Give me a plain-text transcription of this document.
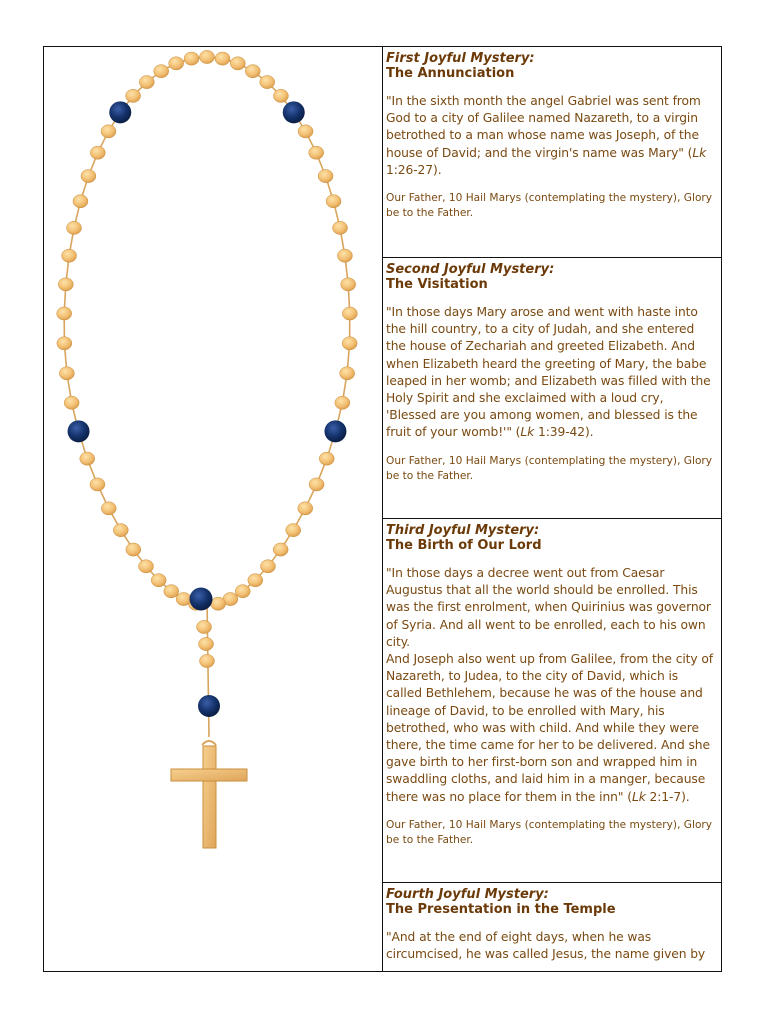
First Joyful Mystery:
The Annunciation
"In the sixth month the angel Gabriel was sent from God to a city of Galilee named Nazareth, to a virgin betrothed to a man whose name was Joseph, of the house of David; and the virgin's name was Mary" (Lk 1:26-27).
Our Father, 10 Hail Marys (contemplating the mystery), Glory be to the Father.
Second Joyful Mystery:
The Visitation
"In those days Mary arose and went with haste into the hill country, to a city of Judah, and she entered the house of Zechariah and greeted Elizabeth. And when Elizabeth heard the greeting of Mary, the babe leaped in her womb; and Elizabeth was filled with the Holy Spirit and she exclaimed with a loud cry, 'Blessed are you among women, and blessed is the fruit of your womb!'" (Lk 1:39-42).
Our Father, 10 Hail Marys (contemplating the mystery), Glory be to the Father.
Third Joyful Mystery:
The Birth of Our Lord
"In those days a decree went out from Caesar Augustus that all the world should be enrolled. This was the first enrolment, when Quirinius was governor of Syria. And all went to be enrolled, each to his own city.
And Joseph also went up from Galilee, from the city of Nazareth, to Judea, to the city of David, which is called Bethlehem, because he was of the house and lineage of David, to be enrolled with Mary, his betrothed, who was with child. And while they were there, the time came for her to be delivered. And she gave birth to her first-born son and wrapped him in swaddling cloths, and laid him in a manger, because there was no place for them in the inn" (Lk 2:1-7).
Our Father, 10 Hail Marys (contemplating the mystery), Glory be to the Father.
Fourth Joyful Mystery:
The Presentation in the Temple
"And at the end of eight days, when he was circumcised, he was called Jesus, the name given by
